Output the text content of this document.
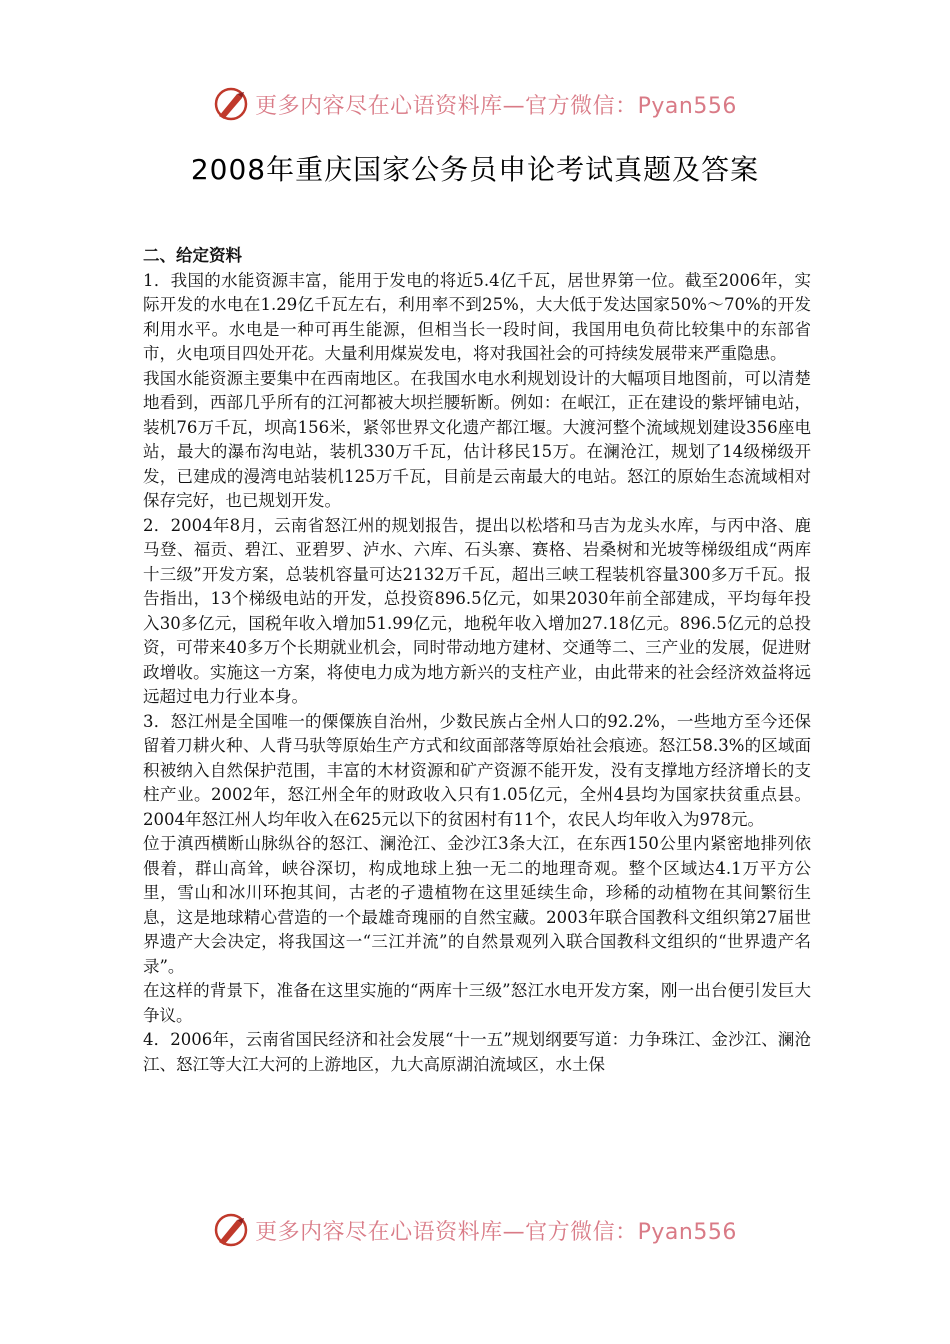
更多内容尽在心语资料库—官方微信：Pyan556
2008年重庆国家公务员申论考试真题及答案

二、给定资料

1．我国的水能资源丰富，能用于发电的将近5.4亿千瓦，居世界第一位。截至2006年，实际开发的水电在1.29亿千瓦左右，利用率不到25%，大大低于发达国家50%～70%的开发利用水平。水电是一种可再生能源，但相当长一段时间，我国用电负荷比较集中的东部省市，火电项目四处开花。大量利用煤炭发电，将对我国社会的可持续发展带来严重隐患。

我国水能资源主要集中在西南地区。在我国水电水利规划设计的大幅项目地图前，可以清楚地看到，西部几乎所有的江河都被大坝拦腰斩断。例如：在岷江，正在建设的紫坪铺电站，装机76万千瓦，坝高156米，紧邻世界文化遗产都江堰。大渡河整个流域规划建设356座电站，最大的瀑布沟电站，装机330万千瓦，估计移民15万。在澜沧江，规划了14级梯级开发，已建成的漫湾电站装机125万千瓦，目前是云南最大的电站。怒江的原始生态流域相对保存完好，也已规划开发。

2．2004年8月，云南省怒江州的规划报告，提出以松塔和马吉为龙头水库，与丙中洛、鹿马登、福贡、碧江、亚碧罗、泸水、六库、石头寨、赛格、岩桑树和光坡等梯级组成“两库十三级”开发方案，总装机容量可达2132万千瓦，超出三峡工程装机容量300多万千瓦。报告指出，13个梯级电站的开发，总投资896.5亿元，如果2030年前全部建成，平均每年投入30多亿元，国税年收入增加51.99亿元，地税年收入增加27.18亿元。896.5亿元的总投资，可带来40多万个长期就业机会，同时带动地方建材、交通等二、三产业的发展，促进财政增收。实施这一方案，将使电力成为地方新兴的支柱产业，由此带来的社会经济效益将远远超过电力行业本身。

3．怒江州是全国唯一的傈僳族自治州，少数民族占全州人口的92.2%，一些地方至今还保留着刀耕火种、人背马驮等原始生产方式和纹面部落等原始社会痕迹。怒江58.3%的区域面积被纳入自然保护范围，丰富的木材资源和矿产资源不能开发，没有支撑地方经济增长的支柱产业。2002年，怒江州全年的财政收入只有1.05亿元，全州4县均为国家扶贫重点县。2004年怒江州人均年收入在625元以下的贫困村有11个，农民人均年收入为978元。

位于滇西横断山脉纵谷的怒江、澜沧江、金沙江3条大江，在东西150公里内紧密地排列依偎着，群山高耸，峡谷深切，构成地球上独一无二的地理奇观。整个区域达4.1万平方公里，雪山和冰川环抱其间，古老的孑遗植物在这里延续生命，珍稀的动植物在其间繁衍生息，这是地球精心营造的一个最雄奇瑰丽的自然宝藏。2003年联合国教科文组织第27届世界遗产大会决定，将我国这一“三江并流”的自然景观列入联合国教科文组织的“世界遗产名录”。

在这样的背景下，准备在这里实施的“两库十三级”怒江水电开发方案，刚一出台便引发巨大争议。

4．2006年，云南省国民经济和社会发展“十一五”规划纲要写道：力争珠江、金沙江、澜沧江、怒江等大江大河的上游地区，九大高原湖泊流域区，水土保

更多内容尽在心语资料库—官方微信：Pyan556
